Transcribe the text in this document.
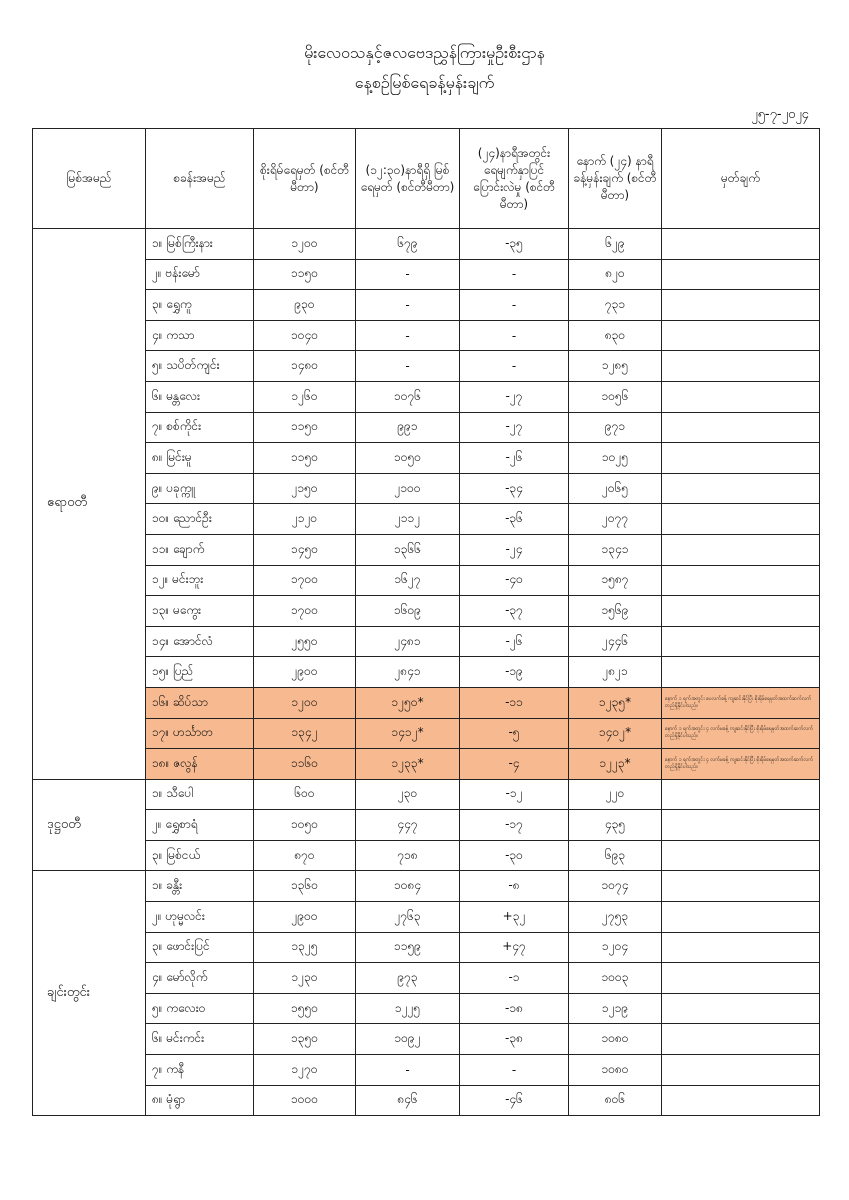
မိုးလေဝသနှင့်ဇလဗေဒညွှန်ကြားမှုဦးစီးဌာန
နေ့စဉ်မြစ်ရေခန့်မှန်းချက်
၂၅-၇-၂၀၂၄
မြစ်အမည်	စခန်းအမည်	စိုးရိမ်ရေမှတ် (စင်တီမီတာ)	(၁၂:၃၀)နာရီရှိ မြစ်ရေမှတ် (စင်တီမီတာ)	(၂၄)နာရီအတွင်း ရေမျက်နှာပြင် ပြောင်းလဲမှု (စင်တီမီတာ)	နောက် (၂၄) နာရီ ခန့်မှန်းချက် (စင်တီမီတာ)	မှတ်ချက်
ဧရာဝတီ	၁။ မြစ်ကြီးနား	၁၂၀၀	၆၇၉	-၃၅	၆၂၉	
	၂။ ဗန်းမော်	၁၁၅၀	-	-	၈၂၀	
	၃။ ရွှေကူ	၉၃၀	-	-	၇၃၁	
	၄။ ကသာ	၁၀၄၀	-	-	၈၃၀	
	၅။ သပိတ်ကျင်း	၁၄၈၀	-	-	၁၂၈၅	
	၆။ မန္တလေး	၁၂၆၀	၁၀၇၆	-၂၇	၁၀၅၆	
	၇။ စစ်ကိုင်း	၁၁၅၀	၉၉၁	-၂၇	၉၇၁	
	၈။ မြင်းမူ	၁၁၅၀	၁၀၅၀	-၂၆	၁၀၂၅	
	၉။ ပခုက္ကူ	၂၁၅၀	၂၁၀၀	-၃၄	၂၀၆၅	
	၁၀။ ညောင်ဦး	၂၁၂၀	၂၁၁၂	-၃၆	၂၀၇၇	
	၁၁။ ချောက်	၁၄၅၀	၁၃၆၆	-၂၄	၁၃၄၁	
	၁၂။ မင်းဘူး	၁၇၀၀	၁၆၂၇	-၄၀	၁၅၈၇	
	၁၃။ မကွေး	၁၇၀၀	၁၆၀၉	-၃၇	၁၅၆၉	
	၁၄။ အောင်လံ	၂၅၅၀	၂၄၈၁	-၂၆	၂၄၄၆	
	၁၅။ ပြည်	၂၉၀၀	၂၈၄၁	-၁၉	၂၈၂၁	
	၁၆။ ဆိပ်သာ	၁၂၀၀	၁၂၅၀*	-၁၁	၁၂၃၅*	နောက် ၁ ရက်အတွင်း ပေလက်ခန့် ကျဆင်းနိုင်ပြီး စိုးရိမ်ရေမှတ်အထက်ဆက်လက်တည်ရှိနိုင်ပါသည်။
	၁၇။ ဟင်္သာတ	၁၃၄၂	၁၄၁၂*	-၅	၁၄၀၂*	နောက် ၁ ရက်အတွင်း ၄ လက်မခန့် ကျဆင်းနိုင်ပြီး စိုးရိမ်ရေမှတ်အထက်ဆက်လက်တည်ရှိနိုင်ပါသည်။
	၁၈။ ဇလွန်	၁၁၆၀	၁၂၃၃*	-၄	၁၂၂၃*	နောက် ၁ ရက်အတွင်း ၄ လက်မခန့် ကျဆင်းနိုင်ပြီး စိုးရိမ်ရေမှတ်အထက်ဆက်လက်တည်ရှိနိုင်ပါသည်။
ဒုဋ္ဌဝတီ	၁။ သီပေါ	၆၀၀	၂၃၀	-၁၂	၂၂၀	
	၂။ ရွှေစာရံ	၁၀၅၀	၄၄၇	-၁၇	၄၃၅	
	၃။ မြစ်ငယ်	၈၇၀	၇၁၈	-၃၀	၆၉၃	
ချင်းတွင်း	၁။ ခန္တီး	၁၃၆၀	၁၀၈၄	-၈	၁၀၇၄	
	၂။ ဟုမ္မလင်း	၂၉၀၀	၂၇၆၃	+၃၂	၂၇၅၃	
	၃။ ဖောင်းပြင်	၁၃၂၅	၁၁၅၉	+၄၇	၁၂၀၄	
	၄။ မော်လိုက်	၁၂၃၀	၉၇၃	-၁	၁၀၀၃	
	၅။ ကလေးဝ	၁၅၅၀	၁၂၂၅	-၁၈	၁၂၁၉	
	၆။ မင်းကင်း	၁၃၅၀	၁၀၉၂	-၃၈	၁၀၈၀	
	၇။ ကနီ	၁၂၇၀	-	-	၁၀၈၀	
	၈။ မုံရွာ	၁၀၀၀	၈၄၆	-၄၆	၈၀၆	
